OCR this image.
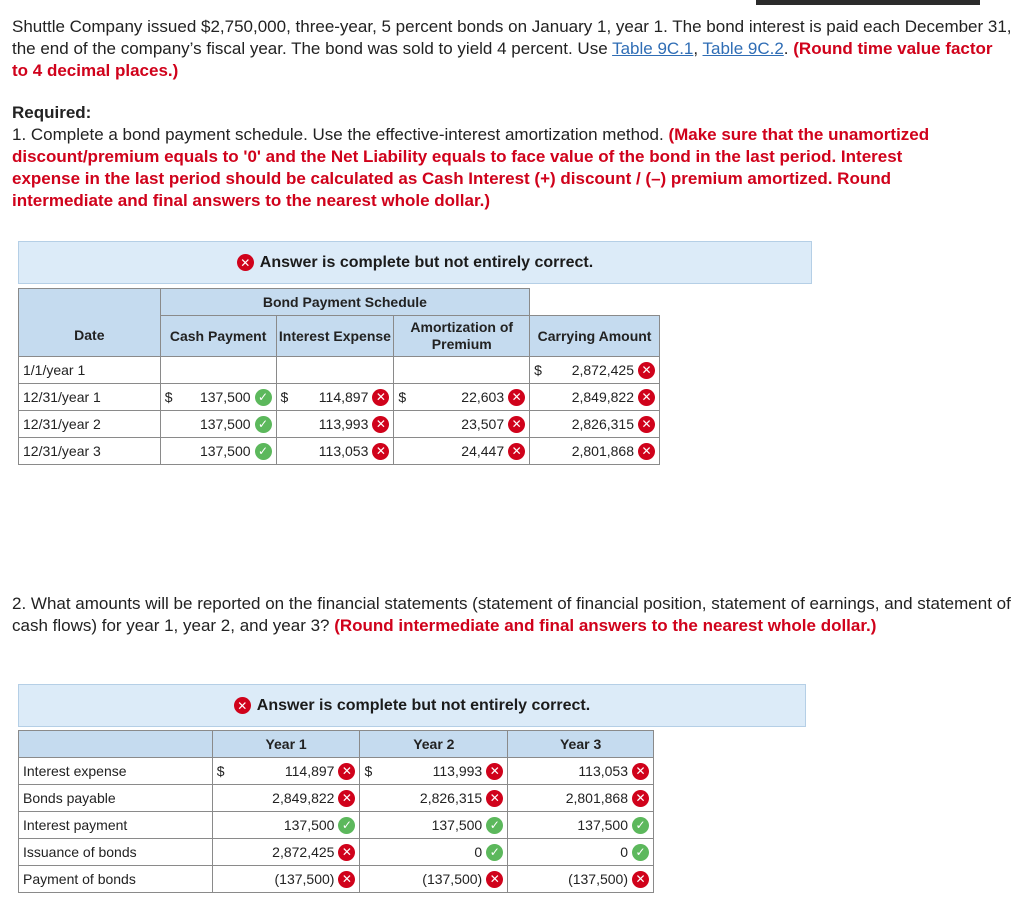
Shuttle Company issued $2,750,000, three-year, 5 percent bonds on January 1, year 1. The bond interest is paid each December 31, the end of the company’s fiscal year. The bond was sold to yield 4 percent. Use Table 9C.1, Table 9C.2. (Round time value factor to 4 decimal places.)
Required:
1. Complete a bond payment schedule. Use the effective-interest amortization method. (Make sure that the unamortized discount/premium equals to '0' and the Net Liability equals to face value of the bond in the last period. Interest expense in the last period should be calculated as Cash Interest (+) discount / (–) premium amortized. Round intermediate and final answers to the nearest whole dollar.)
✕ Answer is complete but not entirely correct.
	Bond Payment Schedule			
Date	Cash Payment	Interest Expense	Amortization of Premium	Carrying Amount
1/1/year 1				$ 2,872,425 ✕

12/31/year 1	$ 137,500 ✓	$ 114,897 ✕	$ 22,603 ✕	2,849,822 ✕

12/31/year 2	137,500 ✓	113,993 ✕	23,507 ✕	2,826,315 ✕

12/31/year 3	137,500 ✓	113,053 ✕	24,447 ✕	2,801,868 ✕
2. What amounts will be reported on the financial statements (statement of financial position, statement of earnings, and statement of cash flows) for year 1, year 2, and year 3? (Round intermediate and final answers to the nearest whole dollar.)
✕ Answer is complete but not entirely correct.
	Year 1	Year 2	Year 3
Interest expense	$ 114,897 ✕	$ 113,993 ✕	113,053 ✕

Bonds payable	2,849,822 ✕	2,826,315 ✕	2,801,868 ✕

Interest payment	137,500 ✓	137,500 ✓	137,500 ✓

Issuance of bonds	2,872,425 ✕	0 ✓	0 ✓

Payment of bonds	(137,500) ✕	(137,500) ✕	(137,500) ✕
